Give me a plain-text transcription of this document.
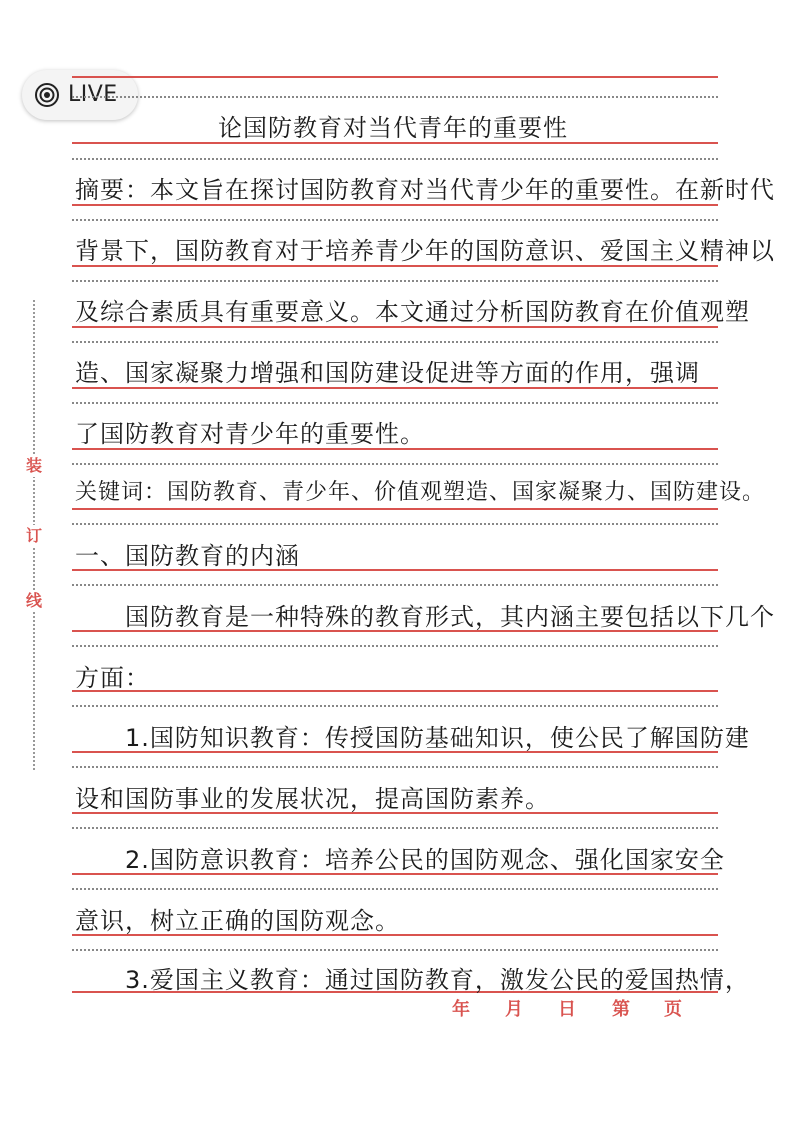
LIVE
装
订
线
论国防教育对当代青年的重要性
摘要：本文旨在探讨国防教育对当代青少年的重要性。在新时代
背景下，国防教育对于培养青少年的国防意识、爱国主义精神以
及综合素质具有重要意义。本文通过分析国防教育在价值观塑
造、国家凝聚力增强和国防建设促进等方面的作用，强调
了国防教育对青少年的重要性。
关键词：国防教育、青少年、价值观塑造、国家凝聚力、国防建设。
一、国防教育的内涵
　　国防教育是一种特殊的教育形式，其内涵主要包括以下几个
方面：
　　1.国防知识教育：传授国防基础知识，使公民了解国防建
设和国防事业的发展状况，提高国防素养。
　　2.国防意识教育：培养公民的国防观念、强化国家安全
意识，树立正确的国防观念。
　　3.爱国主义教育：通过国防教育，激发公民的爱国热情，
年 月 日 第 页
